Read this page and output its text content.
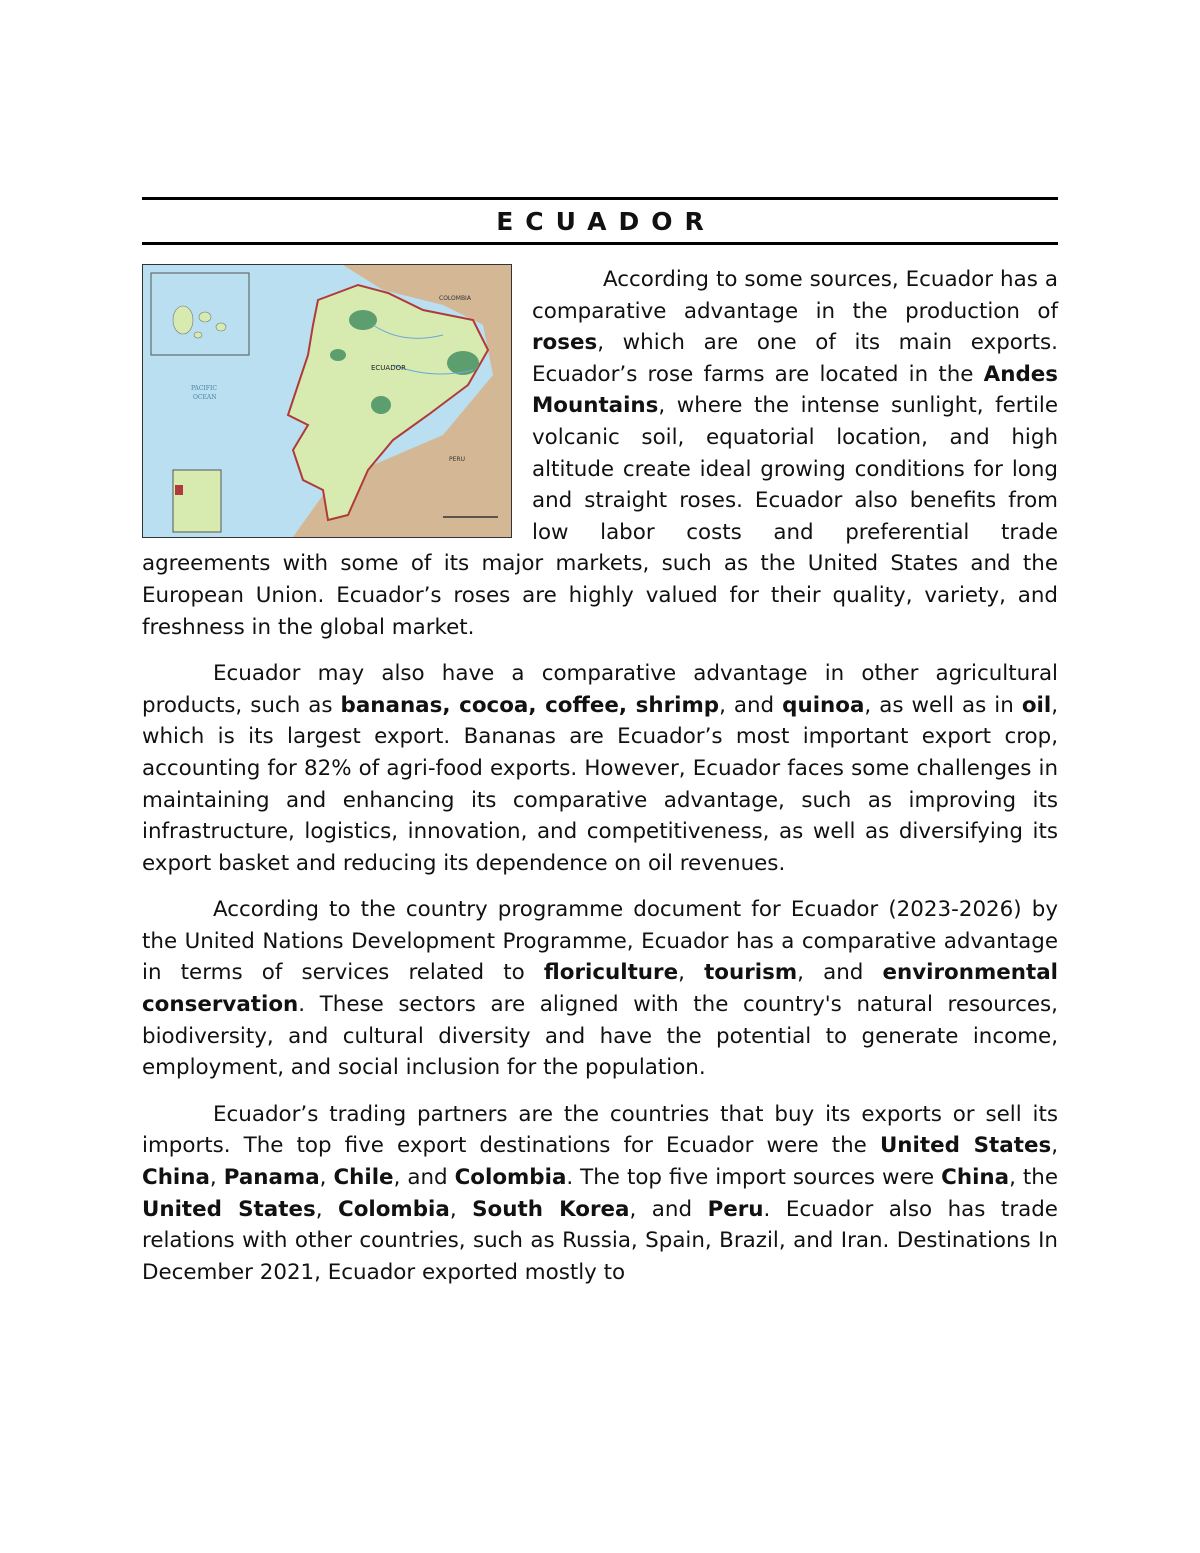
ECUADOR
ECUADOR
COLOMBIA
PERU
PACIFIC
OCEAN

According to some sources, Ecuador has a comparative advantage in the production of roses, which are one of its main exports. Ecuador’s rose farms are located in the Andes Mountains, where the intense sunlight, fertile volcanic soil, equatorial location, and high altitude create ideal growing conditions for long and straight roses. Ecuador also benefits from low labor costs and preferential trade agreements with some of its major markets, such as the United States and the European Union. Ecuador’s roses are highly valued for their quality, variety, and freshness in the global market.

Ecuador may also have a comparative advantage in other agricultural products, such as bananas, cocoa, coffee, shrimp, and quinoa, as well as in oil, which is its largest export. Bananas are Ecuador’s most important export crop, accounting for 82% of agri-food exports. However, Ecuador faces some challenges in maintaining and enhancing its comparative advantage, such as improving its infrastructure, logistics, innovation, and competitiveness, as well as diversifying its export basket and reducing its dependence on oil revenues.

According to the country programme document for Ecuador (2023-2026) by the United Nations Development Programme, Ecuador has a comparative advantage in terms of services related to floriculture, tourism, and environmental conservation. These sectors are aligned with the country's natural resources, biodiversity, and cultural diversity and have the potential to generate income, employment, and social inclusion for the population.

Ecuador’s trading partners are the countries that buy its exports or sell its imports. The top five export destinations for Ecuador were the United States, China, Panama, Chile, and Colombia. The top five import sources were China, the United States, Colombia, South Korea, and Peru. Ecuador also has trade relations with other countries, such as Russia, Spain, Brazil, and Iran. Destinations In December 2021, Ecuador exported mostly to
